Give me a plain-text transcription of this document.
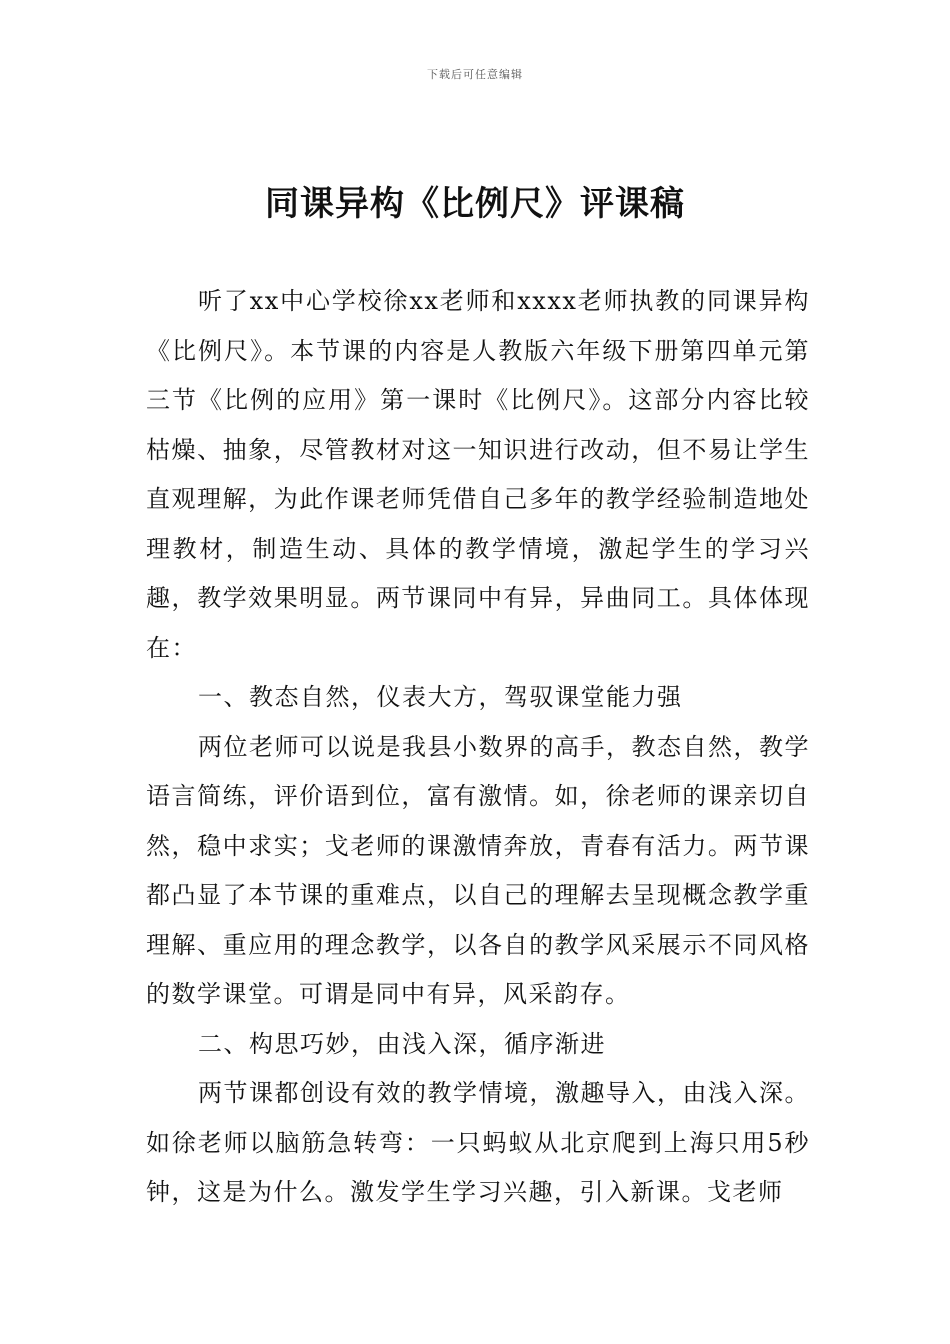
下载后可任意编辑
同课异构《比例尺》评课稿

听了xx中心学校徐xx老师和xxxx老师执教的同课异构《比例尺》。本节课的内容是人教版六年级下册第四单元第三节《比例的应用》第一课时《比例尺》。这部分内容比较枯燥、抽象，尽管教材对这一知识进行改动，但不易让学生直观理解，为此作课老师凭借自己多年的教学经验制造地处理教材，制造生动、具体的教学情境，激起学生的学习兴趣，教学效果明显。两节课同中有异，异曲同工。具体体现在：

一、教态自然，仪表大方，驾驭课堂能力强

两位老师可以说是我县小数界的高手，教态自然，教学语言简练，评价语到位，富有激情。如，徐老师的课亲切自然，稳中求实；戈老师的课激情奔放，青春有活力。两节课都凸显了本节课的重难点，以自己的理解去呈现概念教学重理解、重应用的理念教学，以各自的教学风采展示不同风格的数学课堂。可谓是同中有异，风采韵存。

二、构思巧妙，由浅入深，循序渐进

两节课都创设有效的教学情境，激趣导入，由浅入深。如徐老师以脑筋急转弯：一只蚂蚁从北京爬到上海只用5秒钟，这是为什么。激发学生学习兴趣，引入新课。戈老师
